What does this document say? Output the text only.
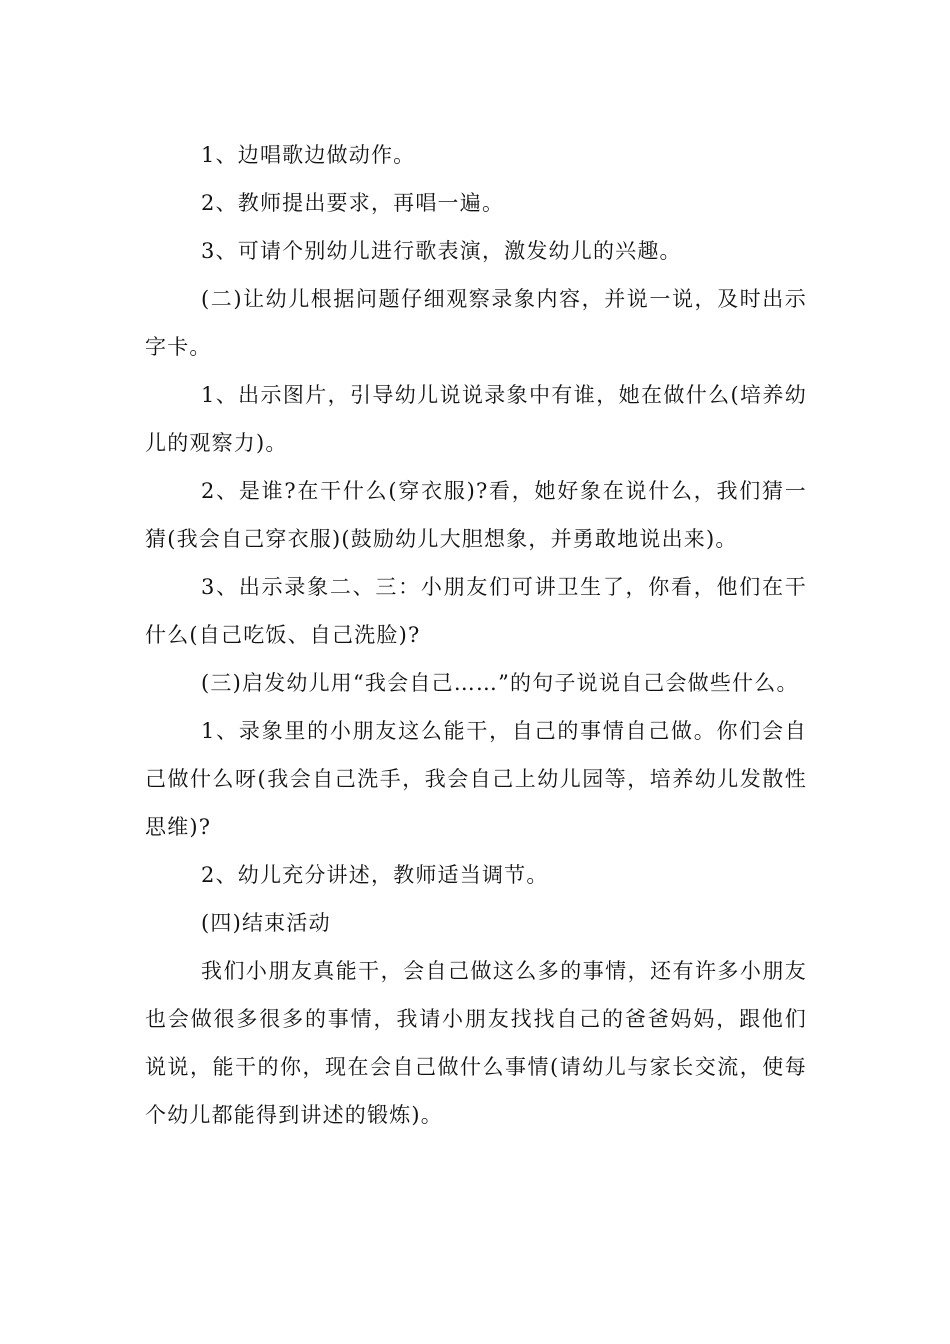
1、边唱歌边做动作。

2、教师提出要求，再唱一遍。

3、可请个别幼儿进行歌表演，激发幼儿的兴趣。

(二)让幼儿根据问题仔细观察录象内容，并说一说，及时出示字卡。

1、出示图片，引导幼儿说说录象中有谁，她在做什么(培养幼儿的观察力)。

2、是谁?在干什么(穿衣服)?看，她好象在说什么，我们猜一猜(我会自己穿衣服)(鼓励幼儿大胆想象，并勇敢地说出来)。

3、出示录象二、三：小朋友们可讲卫生了，你看，他们在干什么(自己吃饭、自己洗脸)?

(三)启发幼儿用“我会自己……”的句子说说自己会做些什么。

1、录象里的小朋友这么能干，自己的事情自己做。你们会自己做什么呀(我会自己洗手，我会自己上幼儿园等，培养幼儿发散性思维)?

2、幼儿充分讲述，教师适当调节。

(四)结束活动

我们小朋友真能干，会自己做这么多的事情，还有许多小朋友也会做很多很多的事情，我请小朋友找找自己的爸爸妈妈，跟他们说说，能干的你，现在会自己做什么事情(请幼儿与家长交流，使每个幼儿都能得到讲述的锻炼)。
